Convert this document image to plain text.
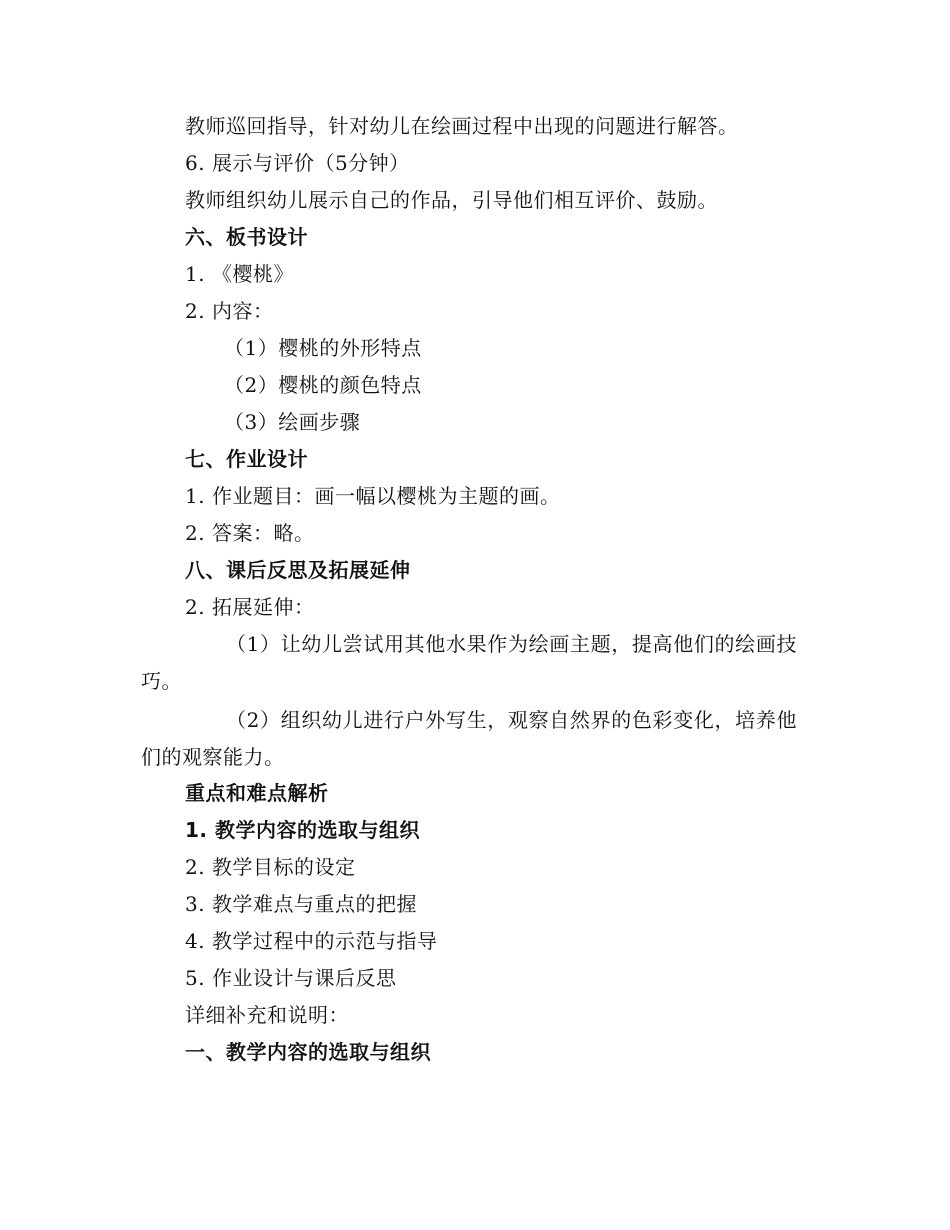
教师巡回指导，针对幼儿在绘画过程中出现的问题进行解答。
6. 展示与评价（5分钟）
教师组织幼儿展示自己的作品，引导他们相互评价、鼓励。
六、板书设计
1. 《樱桃》
2. 内容：
（1）樱桃的外形特点
（2）樱桃的颜色特点
（3）绘画步骤
七、作业设计
1. 作业题目：画一幅以樱桃为主题的画。
2. 答案：略。
八、课后反思及拓展延伸
2. 拓展延伸：
（1）让幼儿尝试用其他水果作为绘画主题，提高他们的绘画技巧。
（2）组织幼儿进行户外写生，观察自然界的色彩变化，培养他们的观察能力。
重点和难点解析
1. 教学内容的选取与组织
2. 教学目标的设定
3. 教学难点与重点的把握
4. 教学过程中的示范与指导
5. 作业设计与课后反思
详细补充和说明：
一、教学内容的选取与组织
